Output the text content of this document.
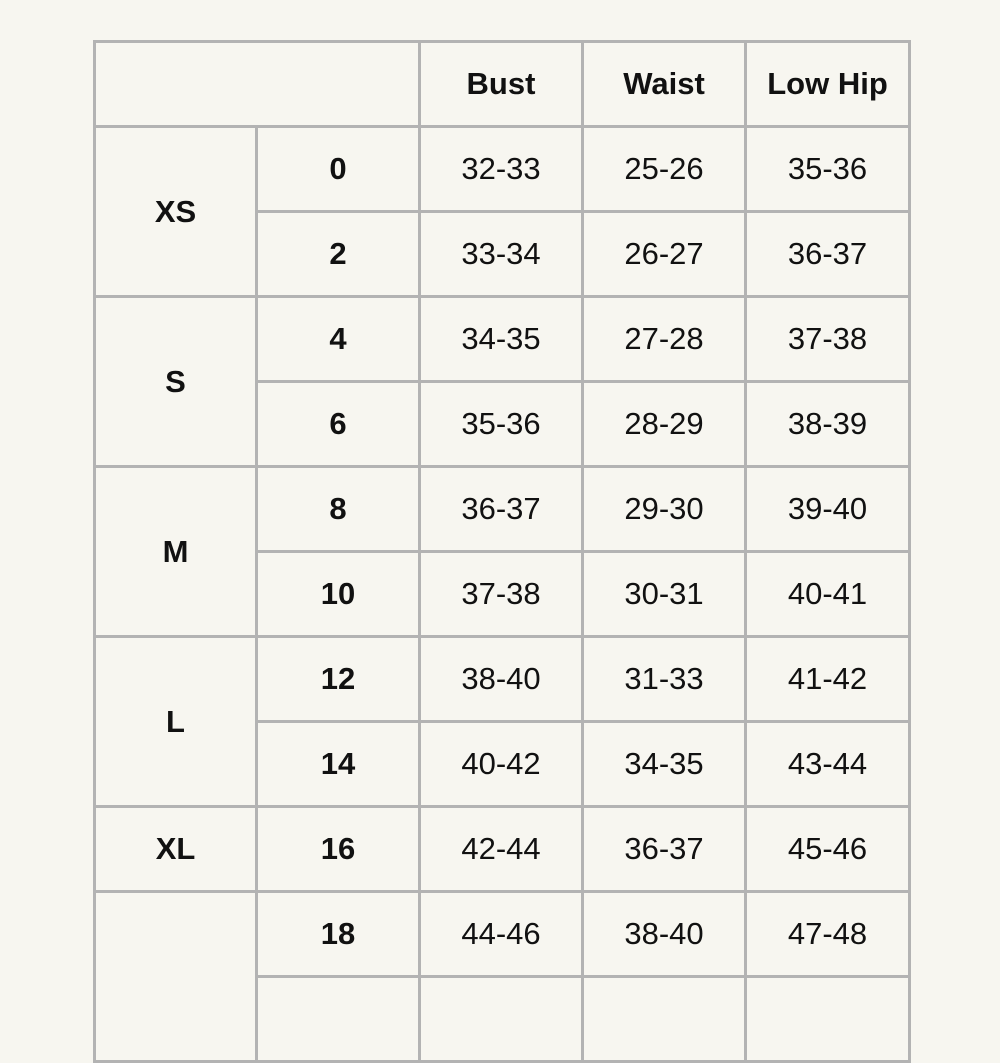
		Bust	Waist	Low Hip
XS	0	32-33	25-26	35-36
	2	33-34	26-27	36-37
S	4	34-35	27-28	37-38
	6	35-36	28-29	38-39
M	8	36-37	29-30	39-40
	10	37-38	30-31	40-41
L	12	38-40	31-33	41-42
	14	40-42	34-35	43-44
XL	16	42-44	36-37	45-46
	18	44-46	38-40	47-48
